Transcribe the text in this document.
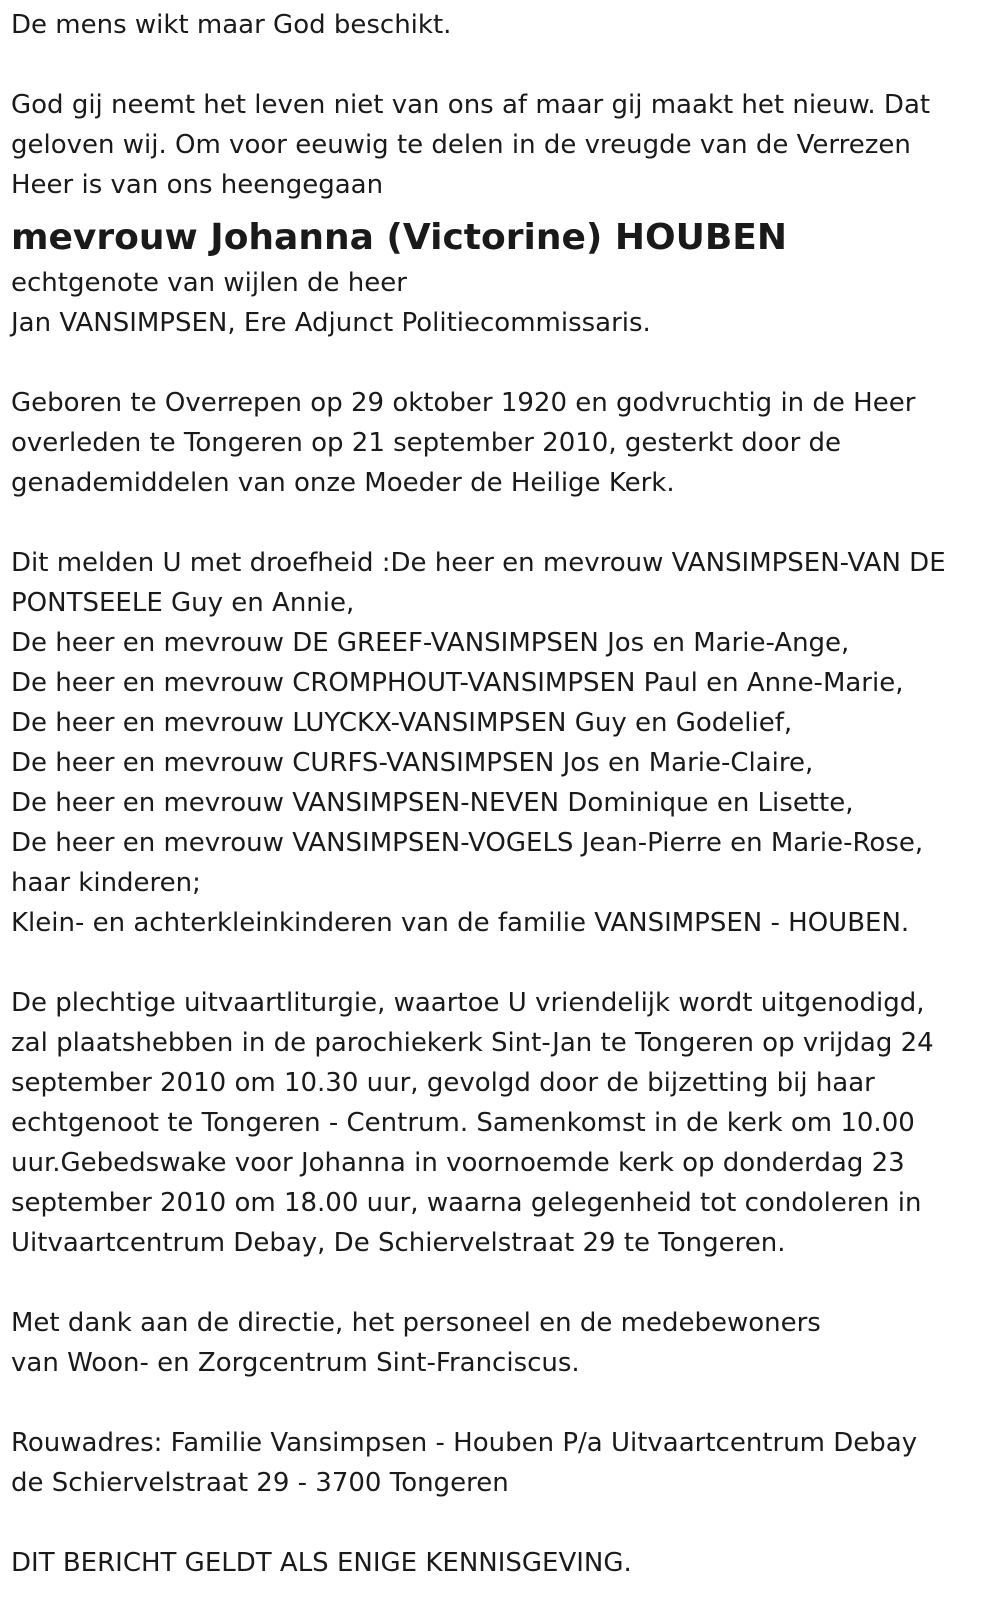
De mens wikt maar God beschikt.

God gij neemt het leven niet van ons af maar gij maakt het nieuw. Dat
geloven wij. Om voor eeuwig te delen in de vreugde van de Verrezen
Heer is van ons heengegaan

mevrouw Johanna (Victorine) HOUBEN

echtgenote van wijlen de heer
Jan VANSIMPSEN, Ere Adjunct Politiecommissaris.

Geboren te Overrepen op 29 oktober 1920 en godvruchtig in de Heer
overleden te Tongeren op 21 september 2010, gesterkt door de
genademiddelen van onze Moeder de Heilige Kerk.

Dit melden U met droefheid :De heer en mevrouw VANSIMPSEN-VAN DE
PONTSEELE Guy en Annie,
De heer en mevrouw DE GREEF-VANSIMPSEN Jos en Marie-Ange,
De heer en mevrouw CROMPHOUT-VANSIMPSEN Paul en Anne-Marie,
De heer en mevrouw LUYCKX-VANSIMPSEN Guy en Godelief,
De heer en mevrouw CURFS-VANSIMPSEN Jos en Marie-Claire,
De heer en mevrouw VANSIMPSEN-NEVEN Dominique en Lisette,
De heer en mevrouw VANSIMPSEN-VOGELS Jean-Pierre en Marie-Rose,
haar kinderen;
Klein- en achterkleinkinderen van de familie VANSIMPSEN - HOUBEN.

De plechtige uitvaartliturgie, waartoe U vriendelijk wordt uitgenodigd,
zal plaatshebben in de parochiekerk Sint-Jan te Tongeren op vrijdag 24
september 2010 om 10.30 uur, gevolgd door de bijzetting bij haar
echtgenoot te Tongeren - Centrum. Samenkomst in de kerk om 10.00
uur.Gebedswake voor Johanna in voornoemde kerk op donderdag 23
september 2010 om 18.00 uur, waarna gelegenheid tot condoleren in
Uitvaartcentrum Debay, De Schiervelstraat 29 te Tongeren.

Met dank aan de directie, het personeel en de medebewoners
van Woon- en Zorgcentrum Sint-Franciscus.

Rouwadres: Familie Vansimpsen - Houben P/a Uitvaartcentrum Debay
de Schiervelstraat 29 - 3700 Tongeren

DIT BERICHT GELDT ALS ENIGE KENNISGEVING.
